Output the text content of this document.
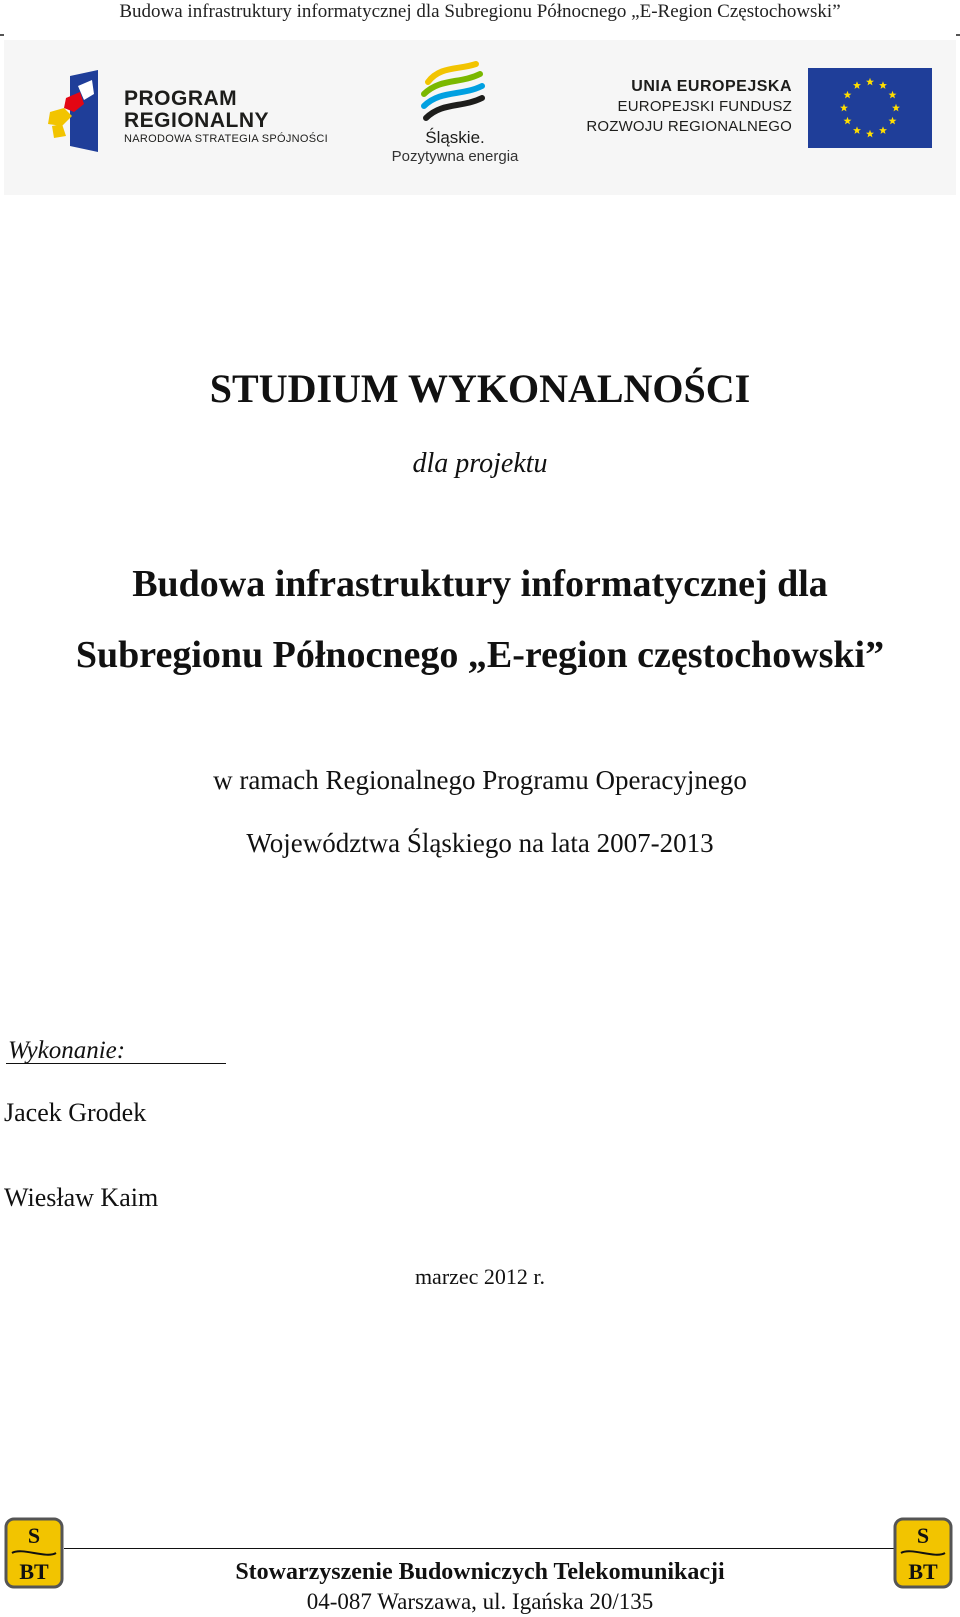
Budowa infrastruktury informatycznej dla Subregionu Północnego „E-Region Częstochowski”
PROGRAM
REGIONALNY
NARODOWA STRATEGIA SPÓJNOŚCI	Śląskie.
Pozytywna energia
UNIA EUROPEJSKA
EUROPEJSKI FUNDUSZ
ROZWOJU REGIONALNEGO
STUDIUM WYKONALNOŚCI
dla projektu
Budowa infrastruktury informatycznej dla
Subregionu Północnego „E-region częstochowski”
w ramach Regionalnego Programu Operacyjnego
Województwa Śląskiego na lata 2007-2013
Wykonanie:
Jacek Grodek
Wiesław Kaim
marzec 2012 r.
S
BT
S
BT
Stowarzyszenie Budowniczych Telekomunikacji
04-087 Warszawa, ul. Igańska 20/135
